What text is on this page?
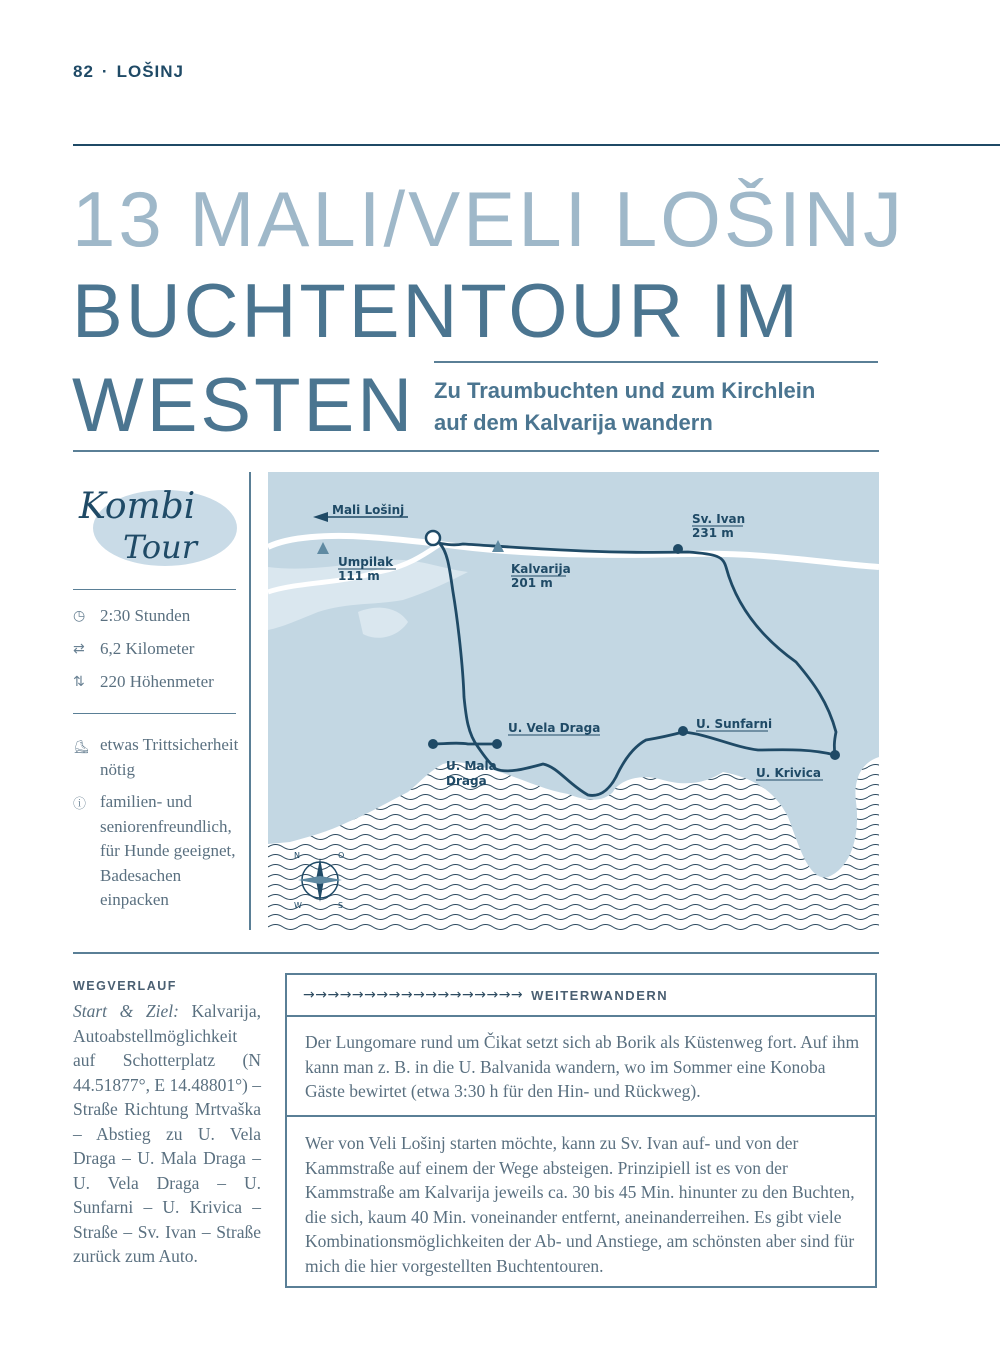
82 · LOŠINJ
13 MALI/VELI LOŠINJ
BUCHTENTOUR IM
WESTEN Zu Traumbuchten und zum Kirchlein
auf dem Kalvarija wandern
Kombi
Tour
◷ 2:30 Stunden
⇄ 6,2 Kilometer
⇅ 220 Höhenmeter
⛸ etwas Trittsicherheit nötig
ⓘ familien- und seniorenfreundlich, für Hunde geeignet, Badesachen einpacken
Mali Lošinj
Umpilak
111 m	Kalvarija
201 m
Sv. Ivan
231 m
U. Vela Draga
U. Mala
Draga
U. Sunfarni
U. Krivica
N	O
W	S
WEGVERLAUF
Start & Ziel: Kalvarija, Autoabstellmöglichkeit auf Schotterplatz (N 44.51877°, E 14.48801°) – Straße Richtung Mrtvaška – Abstieg zu U. Vela Draga – U. Mala Draga – U. Vela Draga – U. Sunfarni – U. Krivica – Straße – Sv. Ivan – Straße zurück zum Auto.
→→→→→→→→→→→→→→→→→→ WEITERWANDERN
Der Lungomare rund um Čikat setzt sich ab Borik als Küstenweg fort. Auf ihm kann man z. B. in die U. Balvanida wandern, wo im Sommer eine Konoba Gäste bewirtet (etwa 3:30 h für den Hin- und Rückweg).
Wer von Veli Lošinj starten möchte, kann zu Sv. Ivan auf- und von der Kammstraße auf einem der Wege absteigen. Prinzipiell ist es von der Kammstraße am Kalvarija jeweils ca. 30 bis 45 Min. hinunter zu den Buchten, die sich, kaum 40 Min. voneinander entfernt, aneinanderreihen. Es gibt viele Kombinationsmöglichkeiten der Ab- und Anstiege, am schönsten aber sind für mich die hier vorgestellten Buchtentouren.
